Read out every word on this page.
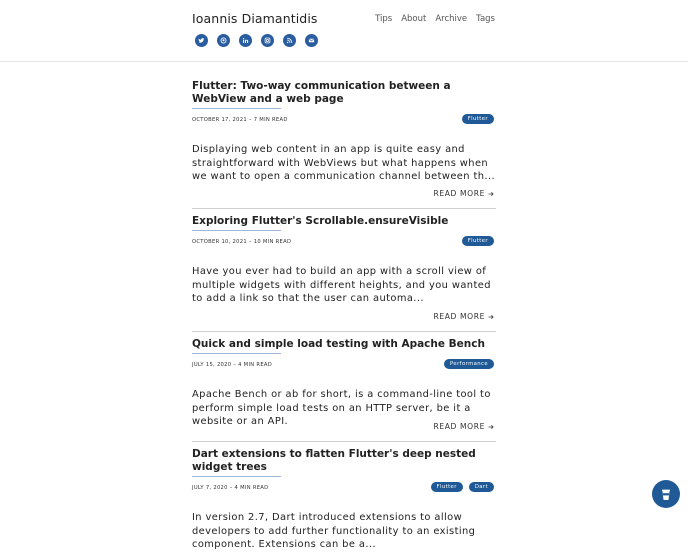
Ioannis Diamantidis	Tips About Archive Tags
Flutter: Two-way communication between a WebView and a web page
OCTOBER 17, 2021 – 7 MIN READ	Flutter

Displaying web content in an app is quite easy and straightforward with WebViews but what happens when we want to open a communication channel between th...

READ MORE
Exploring Flutter's Scrollable.ensureVisible
OCTOBER 10, 2021 – 10 MIN READ	Flutter

Have you ever had to build an app with a scroll view of multiple widgets with different heights, and you wanted to add a link so that the user can automa...

READ MORE
Quick and simple load testing with Apache Bench
JULY 15, 2020 – 4 MIN READ	Performance

Apache Bench or ab for short, is a command-line tool to perform simple load tests on an HTTP server, be it a website or an API.	READ MORE
Dart extensions to flatten Flutter's deep nested widget trees
JULY 7, 2020 – 4 MIN READ	Flutter	Dart

In version 2.7, Dart introduced extensions to allow developers to add further functionality to an existing component. Extensions can be a...
